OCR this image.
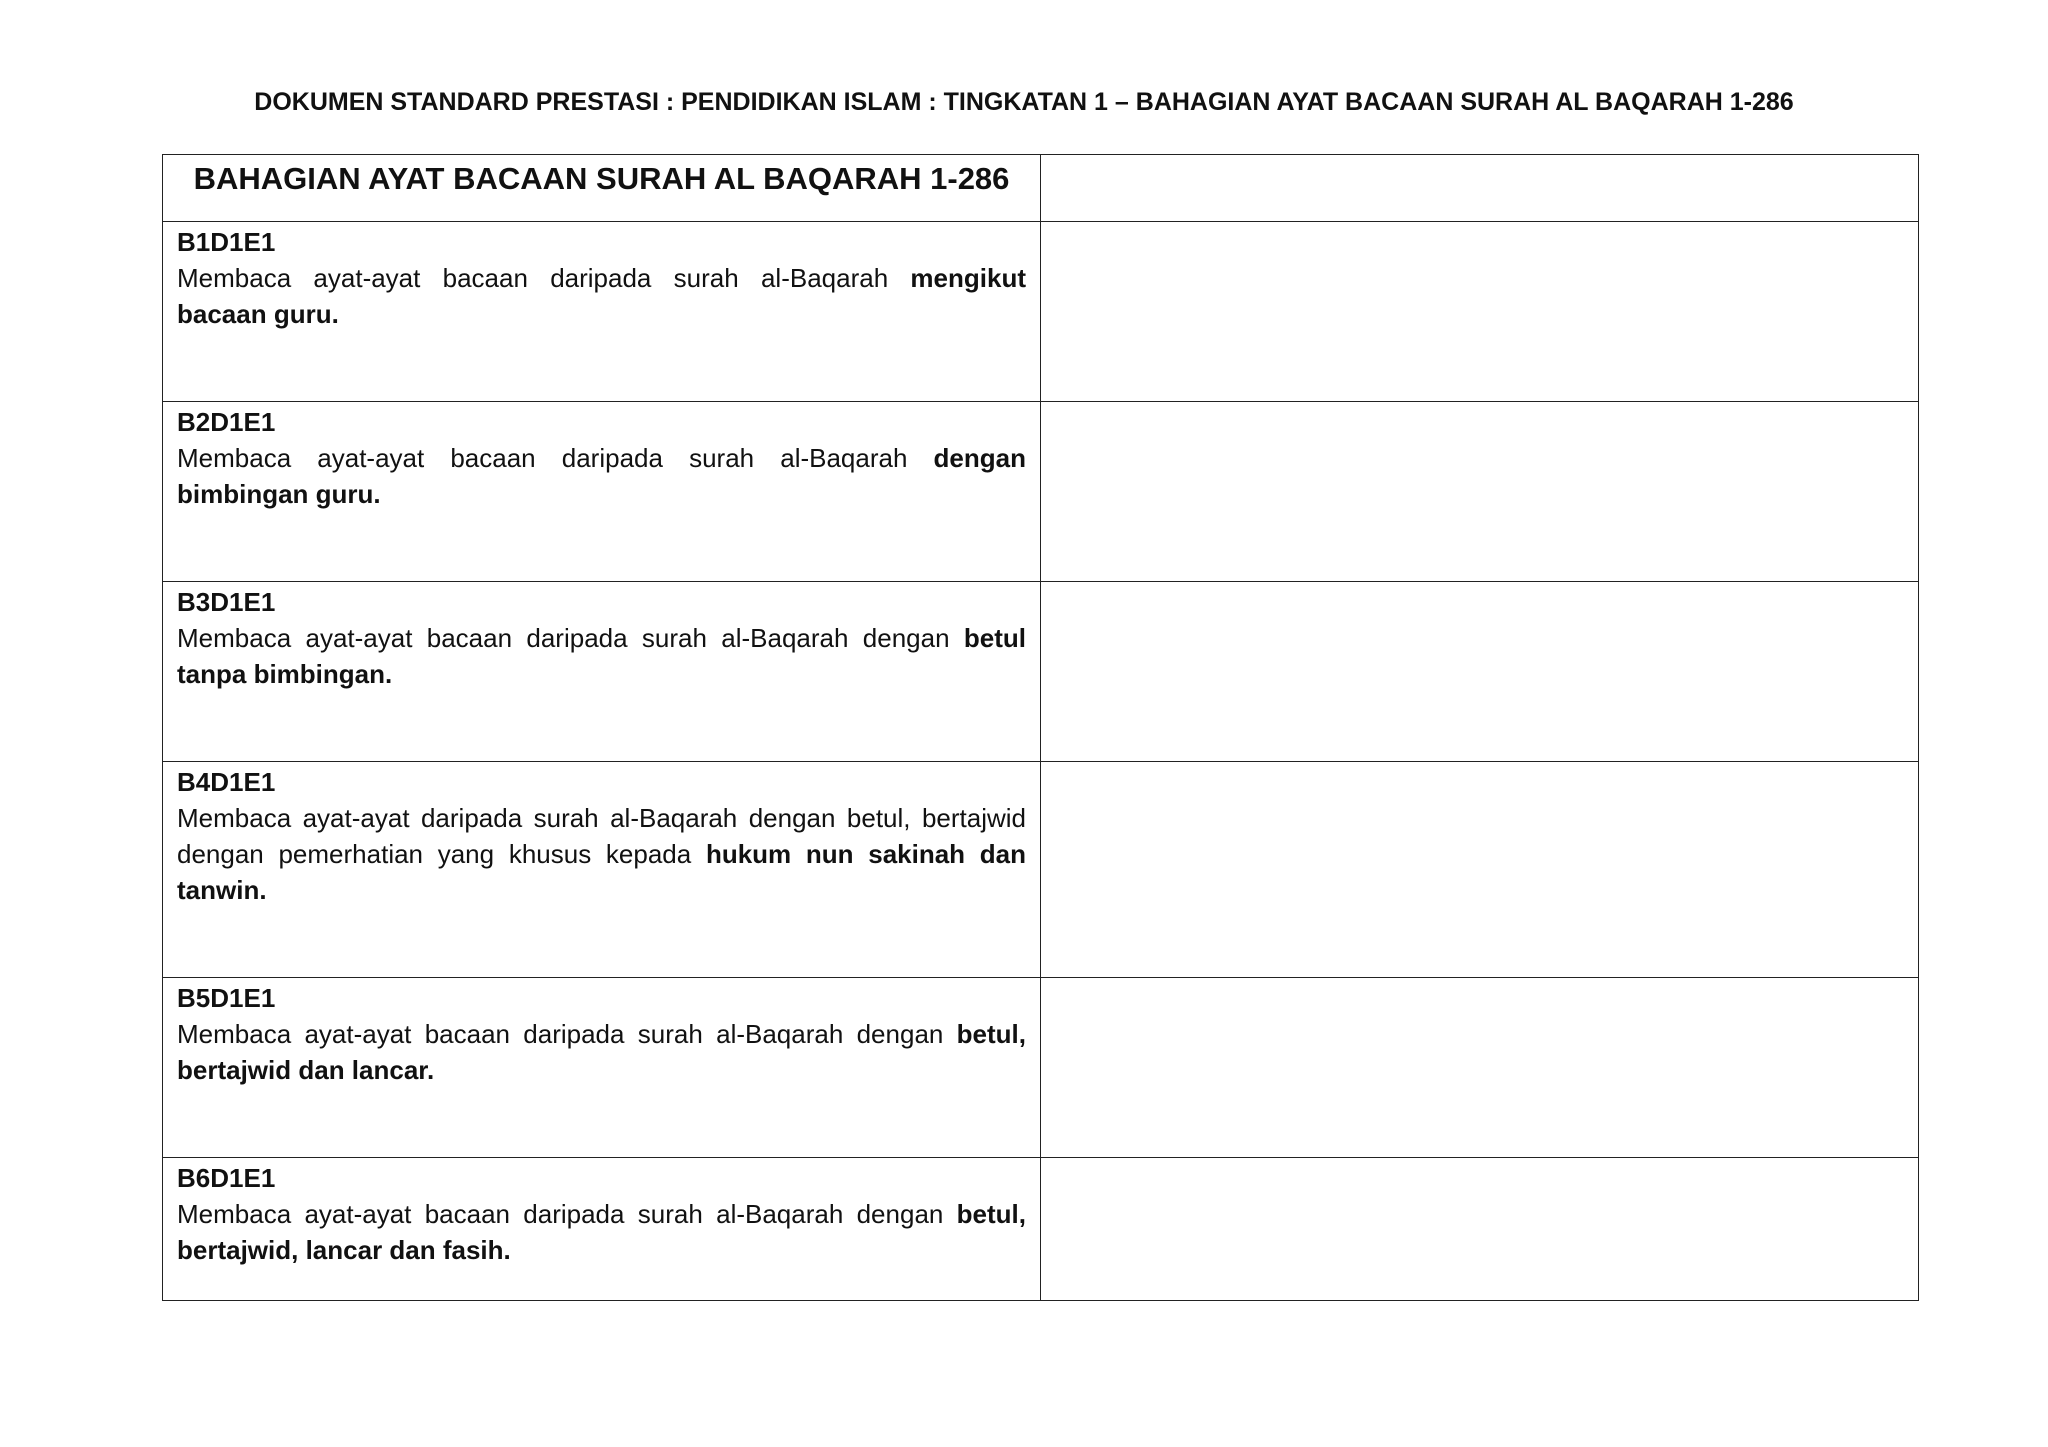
DOKUMEN STANDARD PRESTASI : PENDIDIKAN ISLAM : TINGKATAN 1 – BAHAGIAN AYAT BACAAN SURAH AL BAQARAH 1-286
BAHAGIAN AYAT BACAAN SURAH AL BAQARAH 1-286	

B1D1E1
Membaca ayat-ayat bacaan daripada surah al-Baqarah mengikut bacaan guru.	

B2D1E1
Membaca ayat-ayat bacaan daripada surah al-Baqarah dengan bimbingan guru.	

B3D1E1
Membaca ayat-ayat bacaan daripada surah al-Baqarah dengan betul tanpa bimbingan.	

B4D1E1
Membaca ayat-ayat daripada surah al-Baqarah dengan betul, bertajwid dengan pemerhatian yang khusus kepada hukum nun sakinah dan tanwin.	

B5D1E1
Membaca ayat-ayat bacaan daripada surah al-Baqarah dengan betul, bertajwid dan lancar.	

B6D1E1
Membaca ayat-ayat bacaan daripada surah al-Baqarah dengan betul, bertajwid, lancar dan fasih.	
